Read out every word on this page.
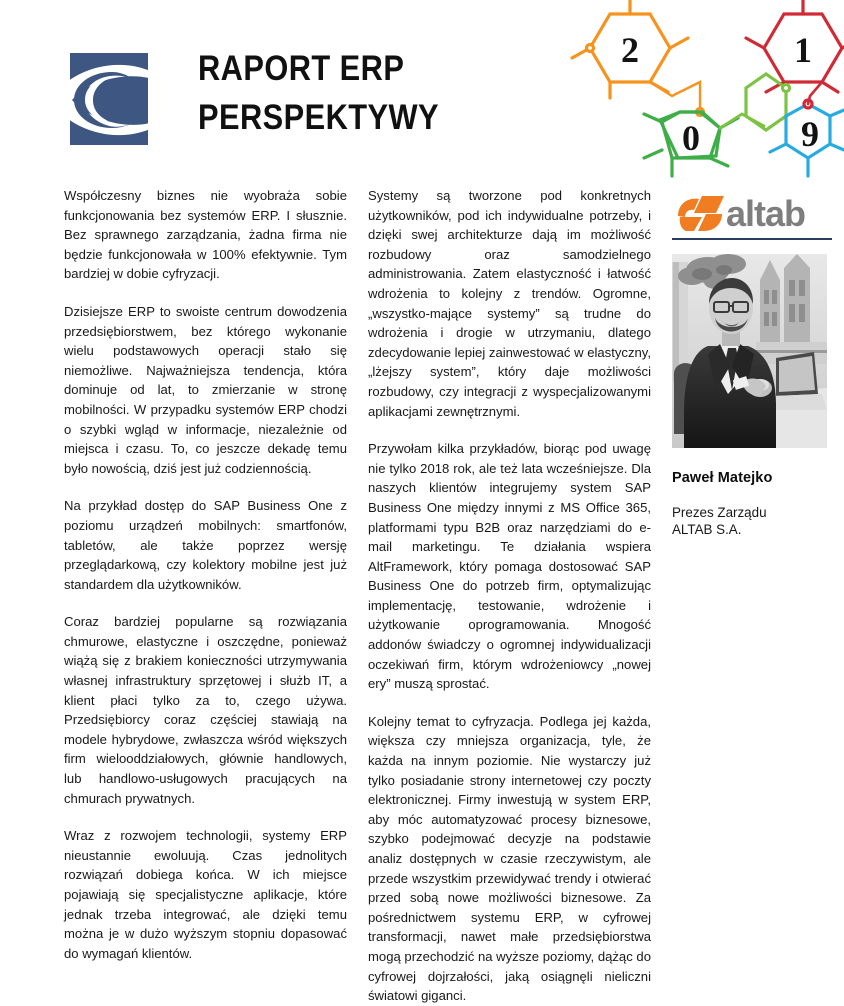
RAPORT ERP
PERSPEKTYWY
2
0
1
9

Współczesny biznes nie wyobraża sobie funkcjonowania bez systemów ERP. I słusznie. Bez sprawnego zarządzania, żadna firma nie będzie funkcjonowała w 100% efektywnie. Tym bardziej w dobie cyfryzacji.

Dzisiejsze ERP to swoiste centrum dowodzenia przedsiębiorstwem, bez którego wykonanie wielu podstawowych operacji stało się niemożliwe. Najważniejsza tendencja, która dominuje od lat, to zmierzanie w stronę mobilności. W przypadku systemów ERP chodzi o szybki wgląd w informacje, niezależnie od miejsca i czasu. To, co jeszcze dekadę temu było nowością, dziś jest już codziennością.

Na przykład dostęp do SAP Business One z poziomu urządzeń mobilnych: smartfonów, tabletów, ale także poprzez wersję przeglądarkową, czy kolektory mobilne jest już standardem dla użytkowników.

Coraz bardziej popularne są rozwiązania chmurowe, elastyczne i oszczędne, ponieważ wiążą się z brakiem konieczności utrzymywania własnej infrastruktury sprzętowej i służb IT, a klient płaci tylko za to, czego używa. Przedsiębiorcy coraz częściej stawiają na modele hybrydowe, zwłaszcza wśród większych firm wielooddziałowych, głównie handlowych, lub handlowo-usługowych pracujących na chmurach prywatnych.

Wraz z rozwojem technologii, systemy ERP nieustannie ewoluują. Czas jednolitych rozwiązań dobiega końca. W ich miejsce pojawiają się specjalistyczne aplikacje, które jednak trzeba integrować, ale dzięki temu można je w dużo wyższym stopniu dopasować do wymagań klientów.

Systemy są tworzone pod konkretnych użytkowników, pod ich indywidualne potrzeby, i dzięki swej architekturze dają im możliwość rozbudowy oraz samodzielnego administrowania. Zatem elastyczność i łatwość wdrożenia to kolejny z trendów. Ogromne, „wszystko-mające systemy” są trudne do wdrożenia i drogie w utrzymaniu, dlatego zdecydowanie lepiej zainwestować w elastyczny, „lżejszy system”, który daje możliwości rozbudowy, czy integracji z wyspecjalizowanymi aplikacjami zewnętrznymi.

Przywołam kilka przykładów, biorąc pod uwagę nie tylko 2018 rok, ale też lata wcześniejsze. Dla naszych klientów integrujemy system SAP Business One między innymi z MS Office 365, platformami typu B2B oraz narzędziami do e-mail marketingu. Te działania wspiera AltFramework, który pomaga dostosować SAP Business One do potrzeb firm, optymalizując implementację, testowanie, wdrożenie i użytkowanie oprogramowania. Mnogość addonów świadczy o ogromnej indywidualizacji oczekiwań firm, którym wdrożeniowcy „nowej ery” muszą sprostać.

Kolejny temat to cyfryzacja. Podlega jej każda, większa czy mniejsza organizacja, tyle, że każda na innym poziomie. Nie wystarczy już tylko posiadanie strony internetowej czy poczty elektronicznej. Firmy inwestują w system ERP, aby móc automatyzować procesy biznesowe, szybko podejmować decyzje na podstawie analiz dostępnych w czasie rzeczywistym, ale przede wszystkim przewidywać trendy i otwierać przed sobą nowe możliwości biznesowe. Za pośrednictwem systemu ERP, w cyfrowej transformacji, nawet małe przedsiębiorstwa mogą przechodzić na wyższe poziomy, dążąc do cyfrowej dojrzałości, jaką osiągnęli nieliczni światowi giganci.

altab
Paweł Matejko
Prezes Zarządu
ALTAB S.A.
